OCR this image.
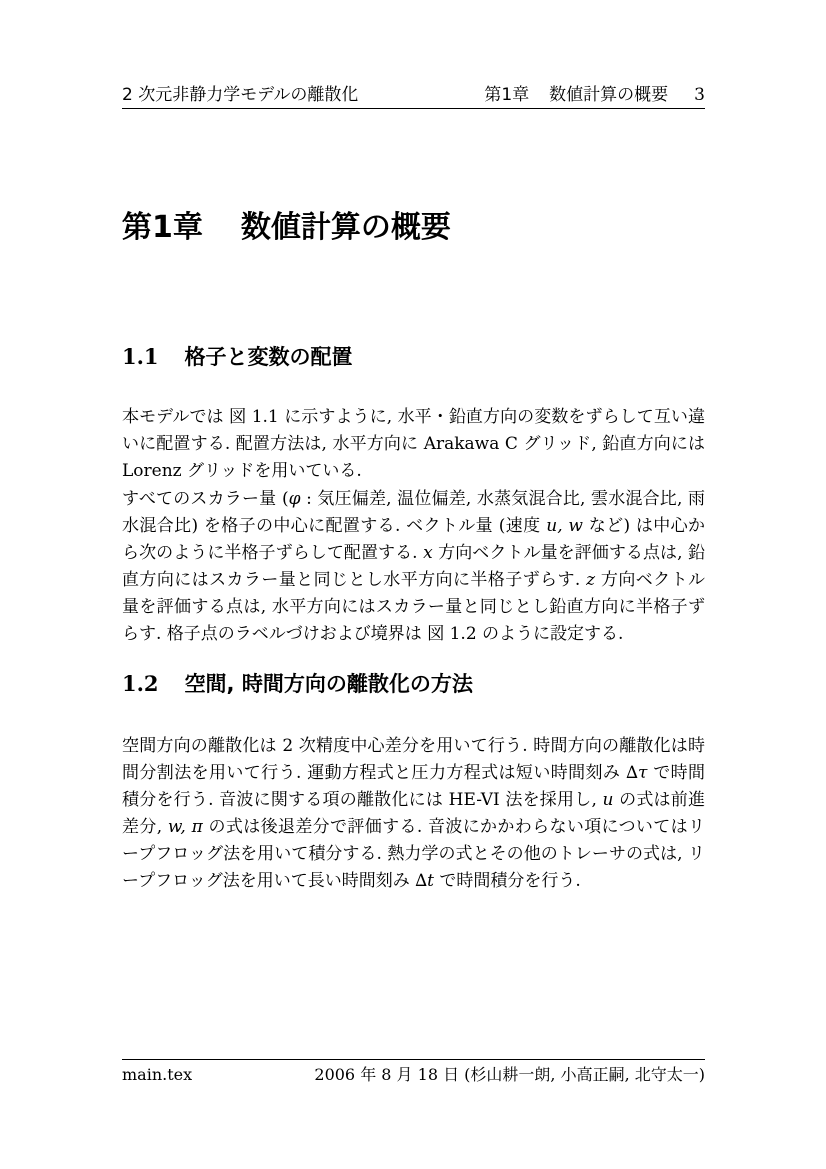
2 次元非静力学モデルの離散化	第1章 数値計算の概要 3
第1章 数値計算の概要
1.1 格子と変数の配置
本モデルでは 図 1.1 に示すように, 水平・鉛直方向の変数をずらして互い違いに配置する. 配置方法は, 水平方向に Arakawa C グリッド, 鉛直方向には Lorenz グリッドを用いている.
すべてのスカラー量 (φ : 気圧偏差, 温位偏差, 水蒸気混合比, 雲水混合比, 雨水混合比) を格子の中心に配置する. ベクトル量 (速度 u, w など) は中心から次のように半格子ずらして配置する. x 方向ベクトル量を評価する点は, 鉛直方向にはスカラー量と同じとし水平方向に半格子ずらす. z 方向ベクトル量を評価する点は, 水平方向にはスカラー量と同じとし鉛直方向に半格子ずらす. 格子点のラベルづけおよび境界は 図 1.2 のように設定する.
1.2 空間, 時間方向の離散化の方法
空間方向の離散化は 2 次精度中心差分を用いて行う. 時間方向の離散化は時間分割法を用いて行う. 運動方程式と圧力方程式は短い時間刻み ∆τ で時間積分を行う. 音波に関する項の離散化には HE-VI 法を採用し, u の式は前進差分, w, π の式は後退差分で評価する. 音波にかかわらない項についてはリープフロッグ法を用いて積分する. 熱力学の式とその他のトレーサの式は, リープフロッグ法を用いて長い時間刻み ∆t で時間積分を行う.
main.tex	2006 年 8 月 18 日 (杉山耕一朗, 小高正嗣, 北守太一)
